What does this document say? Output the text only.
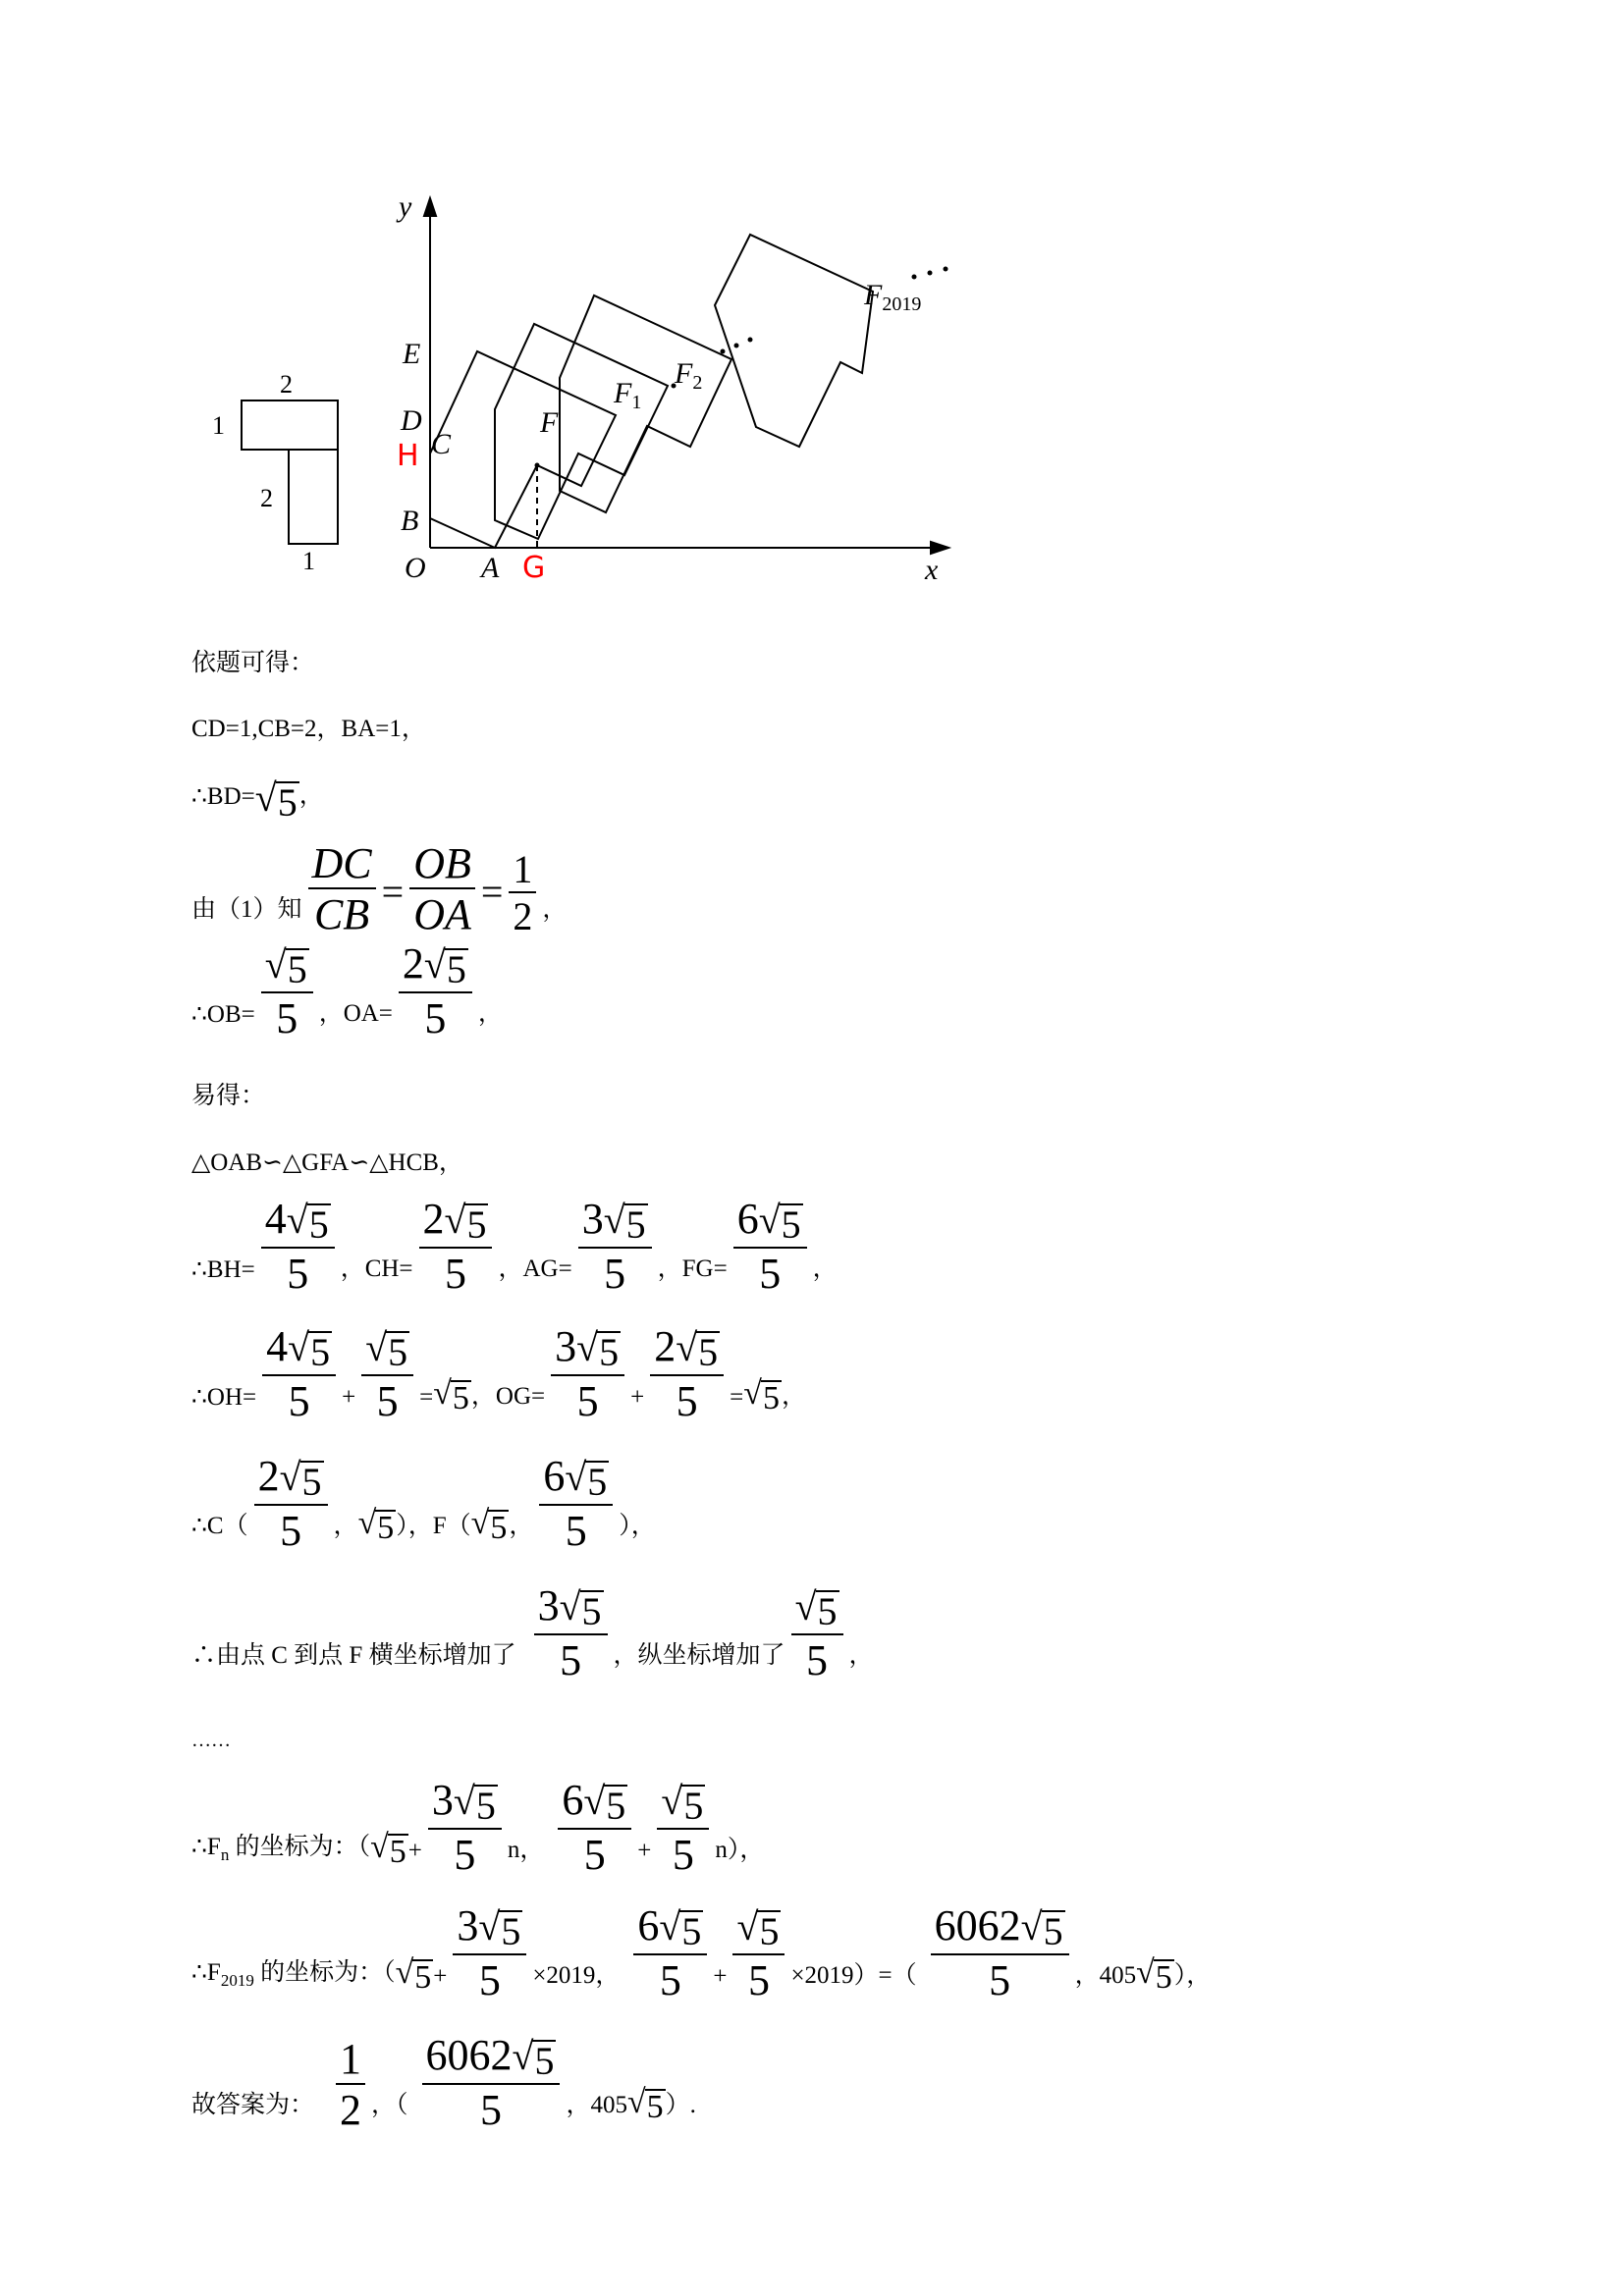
2
1
2
1
y
x
O
E
D
C
B
A
F
$F_1$
$F_2$
$F_{2019}$
H
G
依题可得：
CD=1,CB=2，BA=1，
∴BD= √ 5 ，
由（1）知 $\frac{DC}{CB} = \frac{OB}{OA} = \frac{1}{2}$ ，
∴OB= $\frac{√ 5}{5}$ ，$OA= \frac{2 √ 5}{5}$ ，
易得：
△OAB∽△GFA∽△HCB，
∴BH= $\frac{4 √ 5}{5}$ ，$CH= \frac{2 √ 5}{5}$ ，$AG= \frac{3 √ 5}{5}$ ，$FG= \frac{6 √ 5}{5}$ ，
∴OH= $\frac{4 √ 5}{5} + \frac{√ 5}{5}$ = √ 5 ，$OG= \frac{3 √ 5}{5} + \frac{2 √ 5}{5}$ = √ 5 ，
∴C（ $\frac{2 √ 5}{5}$ ， √ 5 ），F（ √ 5 ， $\frac{6 √ 5}{5}$ ），
∴由点 C 到点 F 横坐标增加了 $\frac{3 √ 5}{5}$ ，纵坐标增加了 $\frac{√ 5}{5}$ ，
……
$\therefore F_n$ 的坐标为：（ √ $5 + \frac{3 √ 5}{5}$ n， $\frac{6 √ 5}{5} + \frac{√ 5}{5} n$），
$\therefore F_{2019}$ 的坐标为：（ √ $5 + \frac{3 √ 5}{5} \times 2019$， $\frac{6 √ 5}{5} + \frac{√ 5}{5} \times 2019)=( \frac{6062 √ 5}{5}$ ，405 √ 5 ），
故答案为： $\frac{1}{2}$ ，（ $\frac{6062 √ 5}{5}$ ，405 √ 5 ）.
